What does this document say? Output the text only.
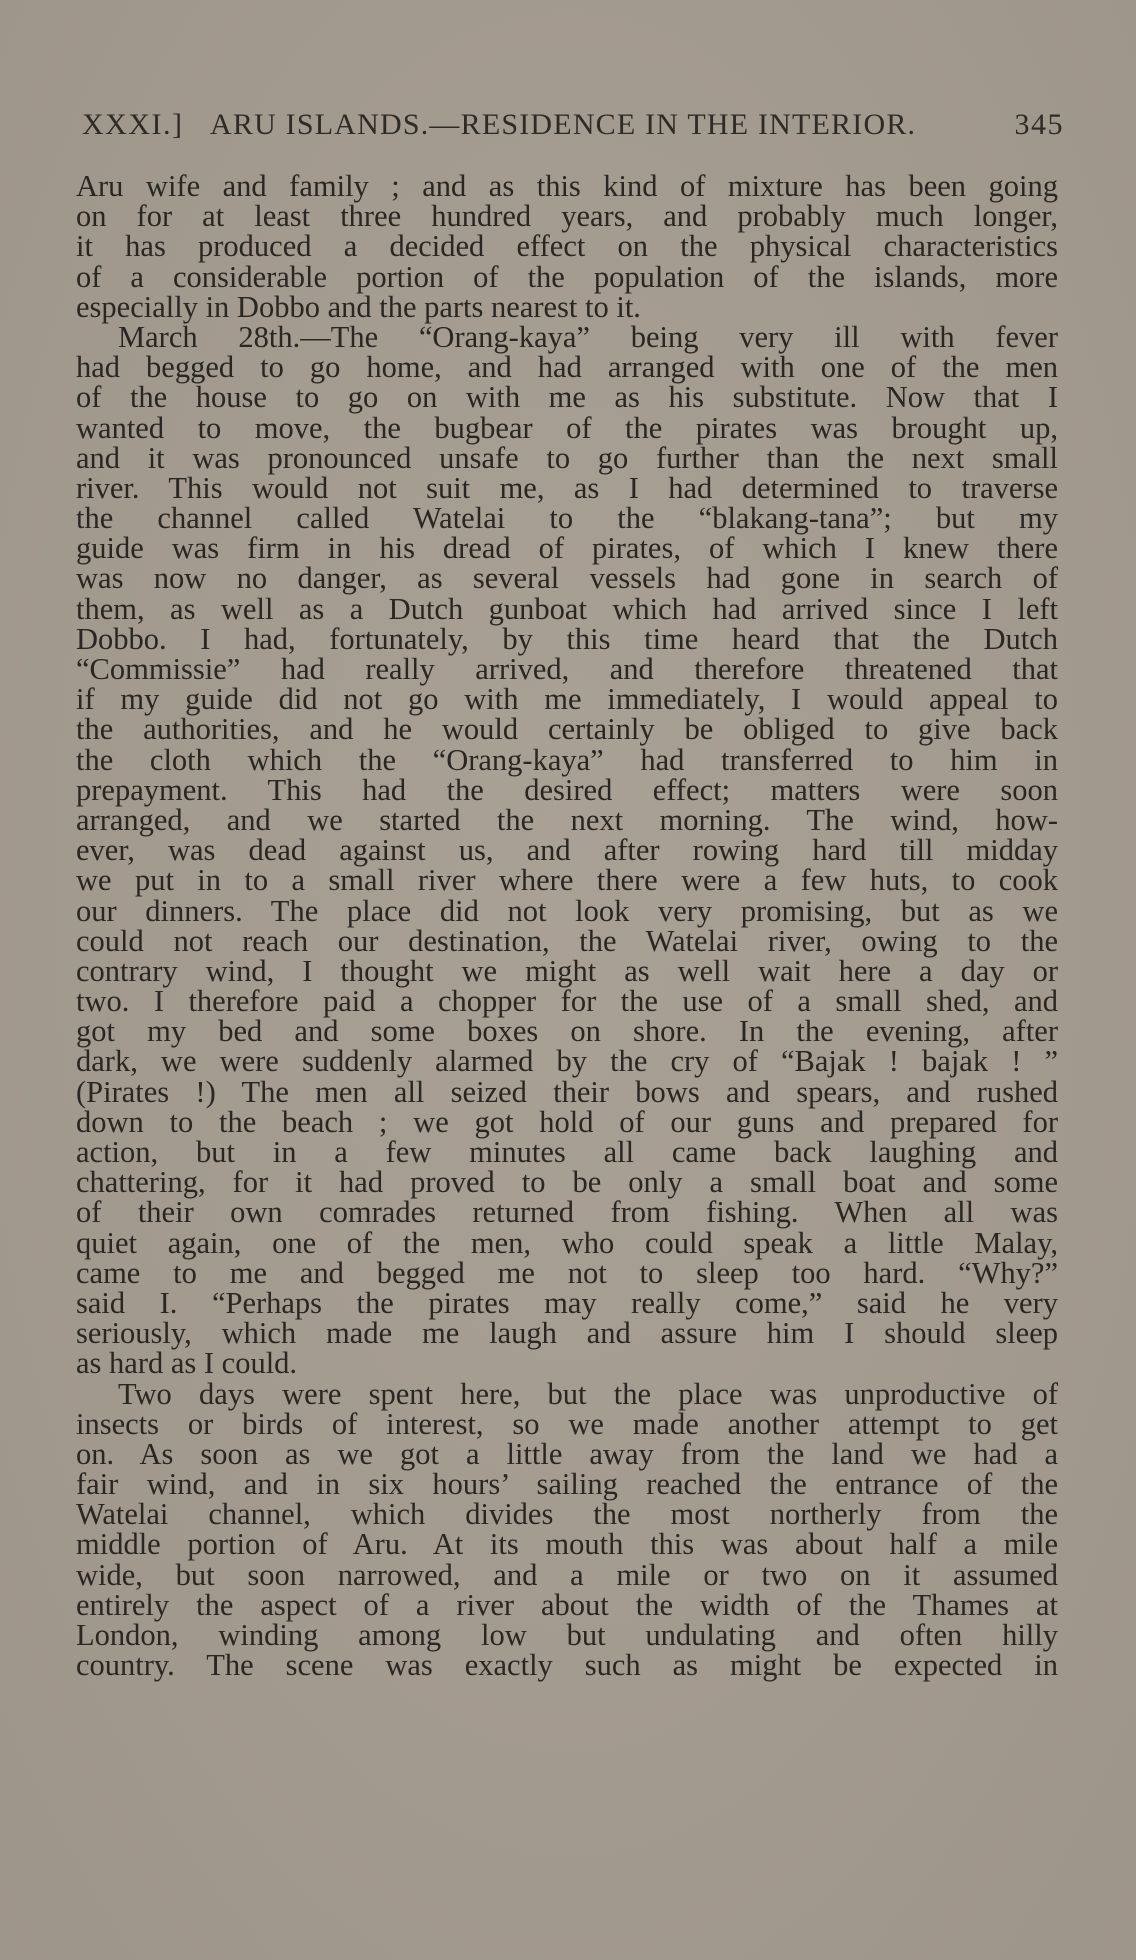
XXXI.] ARU ISLANDS.—RESIDENCE IN THE INTERIOR.	345
Aru wife and family ; and as this kind of mixture has been going
on for at least three hundred years, and probably much longer,
it has produced a decided effect on the physical characteristics
of a considerable portion of the population of the islands, more
especially in Dobbo and the parts nearest to it.
March 28th.—The “Orang-kaya” being very ill with fever
had begged to go home, and had arranged with one of the men
of the house to go on with me as his substitute. Now that I
wanted to move, the bugbear of the pirates was brought up,
and it was pronounced unsafe to go further than the next small
river. This would not suit me, as I had determined to traverse
the channel called Watelai to the “blakang-tana”; but my
guide was firm in his dread of pirates, of which I knew there
was now no danger, as several vessels had gone in search of
them, as well as a Dutch gunboat which had arrived since I left
Dobbo. I had, fortunately, by this time heard that the Dutch
“Commissie” had really arrived, and therefore threatened that
if my guide did not go with me immediately, I would appeal to
the authorities, and he would certainly be obliged to give back
the cloth which the “Orang-kaya” had transferred to him in
prepayment. This had the desired effect; matters were soon
arranged, and we started the next morning. The wind, how-
ever, was dead against us, and after rowing hard till midday
we put in to a small river where there were a few huts, to cook
our dinners. The place did not look very promising, but as we
could not reach our destination, the Watelai river, owing to the
contrary wind, I thought we might as well wait here a day or
two. I therefore paid a chopper for the use of a small shed, and
got my bed and some boxes on shore. In the evening, after
dark, we were suddenly alarmed by the cry of “Bajak ! bajak ! ”
(Pirates !) The men all seized their bows and spears, and rushed
down to the beach ; we got hold of our guns and prepared for
action, but in a few minutes all came back laughing and
chattering, for it had proved to be only a small boat and some
of their own comrades returned from fishing. When all was
quiet again, one of the men, who could speak a little Malay,
came to me and begged me not to sleep too hard. “Why?”
said I. “Perhaps the pirates may really come,” said he very
seriously, which made me laugh and assure him I should sleep
as hard as I could.
Two days were spent here, but the place was unproductive of
insects or birds of interest, so we made another attempt to get
on. As soon as we got a little away from the land we had a
fair wind, and in six hours’ sailing reached the entrance of the
Watelai channel, which divides the most northerly from the
middle portion of Aru. At its mouth this was about half a mile
wide, but soon narrowed, and a mile or two on it assumed
entirely the aspect of a river about the width of the Thames at
London, winding among low but undulating and often hilly
country. The scene was exactly such as might be expected in
